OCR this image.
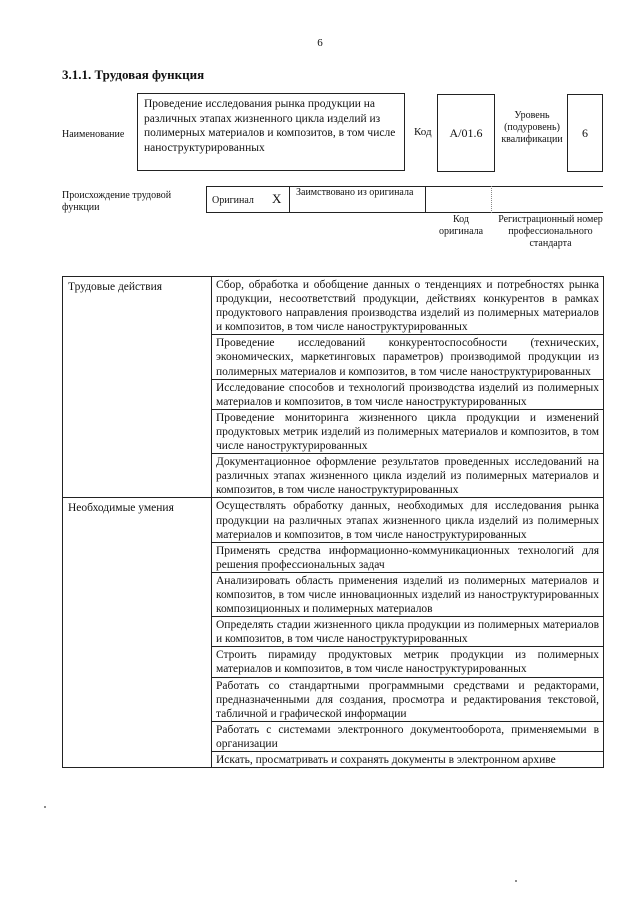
6
3.1.1. Трудовая функция
Наименование
Проведение исследования рынка продукции на различных этапах жизненного цикла изделий из полимерных материалов и композитов, в том числе наноструктурированных
Код	A/01.6
Уровень (подуровень) квалификации	6
Происхождение трудовой функции
Оригинал X Заимствовано из оригинала
Код оригинала
Регистрационный номер профессионального стандарта
Трудовые действия	Сбор, обработка и обобщение данных о тенденциях и потребностях рынка продукции, несоответствий продукции, действиях конкурентов в рамках продуктового направления производства изделий из полимерных материалов и композитов, в том числе наноструктурированных
	Проведение исследований конкурентоспособности (технических, экономических, маркетинговых параметров) производимой продукции из полимерных материалов и композитов, в том числе наноструктурированных
	Исследование способов и технологий производства изделий из полимерных материалов и композитов, в том числе наноструктурированных
	Проведение мониторинга жизненного цикла продукции и изменений продуктовых метрик изделий из полимерных материалов и композитов, в том числе наноструктурированных
	Документационное оформление результатов проведенных исследований на различных этапах жизненного цикла изделий из полимерных материалов и композитов, в том числе наноструктурированных
Необходимые умения	Осуществлять обработку данных, необходимых для исследования рынка продукции на различных этапах жизненного цикла изделий из полимерных материалов и композитов, в том числе наноструктурированных
	Применять средства информационно-коммуникационных технологий для решения профессиональных задач
	Анализировать область применения изделий из полимерных материалов и композитов, в том числе инновационных изделий из наноструктурированных композиционных и полимерных материалов
	Определять стадии жизненного цикла продукции из полимерных материалов и композитов, в том числе наноструктурированных
	Строить пирамиду продуктовых метрик продукции из полимерных материалов и композитов, в том числе наноструктурированных
	Работать со стандартными программными средствами и редакторами, предназначенными для создания, просмотра и редактирования текстовой, табличной и графической информации
	Работать с системами электронного документооборота, применяемыми в организации
	Искать, просматривать и сохранять документы в электронном архиве
